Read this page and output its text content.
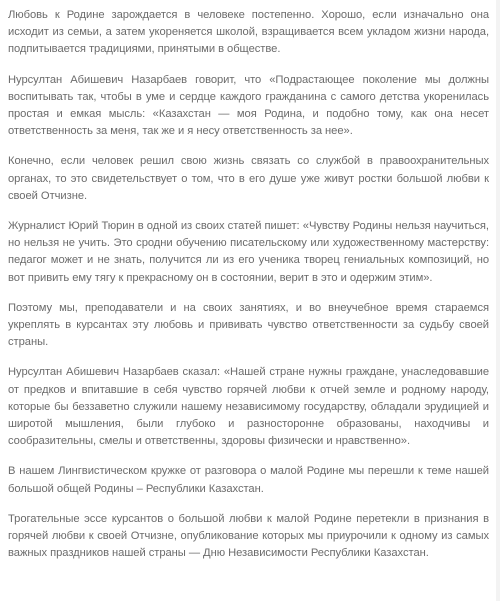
Любовь к Родине зарождается в человеке постепенно. Хорошо, если изначально она исходит из семьи, а затем укореняется школой, взращивается всем укладом жизни народа, подпитывается традициями, принятыми в обществе.

Нурсултан Абишевич Назарбаев говорит, что «Подрастающее поколение мы должны воспитывать так, чтобы в уме и сердце каждого гражданина с самого детства укоренилась простая и емкая мысль: «Казахстан — моя Родина, и подобно тому, как она несет ответственность за меня, так же и я несу ответственность за нее».

Конечно, если человек решил свою жизнь связать со службой в правоохранительных органах, то это свидетельствует о том, что в его душе уже живут ростки большой любви к своей Отчизне.

Журналист Юрий Тюрин в одной из своих статей пишет: «Чувству Родины нельзя научиться, но нельзя не учить. Это сродни обучению писательскому или художественному мастерству: педагог может и не знать, получится ли из его ученика творец гениальных композиций, но вот привить ему тягу к прекрасному он в состоянии, верит в это и одержим этим».

Поэтому мы, преподаватели и на своих занятиях, и во внеучебное время стараемся укреплять в курсантах эту любовь и прививать чувство ответственности за судьбу своей страны.

Нурсултан Абишевич Назарбаев сказал: «Нашей стране нужны граждане, унаследовавшие от предков и впитавшие в себя чувство горячей любви к отчей земле и родному народу, которые бы беззаветно служили нашему независимому государству, обладали эрудицией и широтой мышления, были глубоко и разносторонне образованы, находчивы и сообразительны, смелы и ответственны, здоровы физически и нравственно».

В нашем Лингвистическом кружке от разговора о малой Родине мы перешли к теме нашей большой общей Родины – Республики Казахстан.

Трогательные эссе курсантов о большой любви к малой Родине перетекли в признания в горячей любви к своей Отчизне, опубликование которых мы приурочили к одному из самых важных праздников нашей страны — Дню Независимости Республики Казахстан.
